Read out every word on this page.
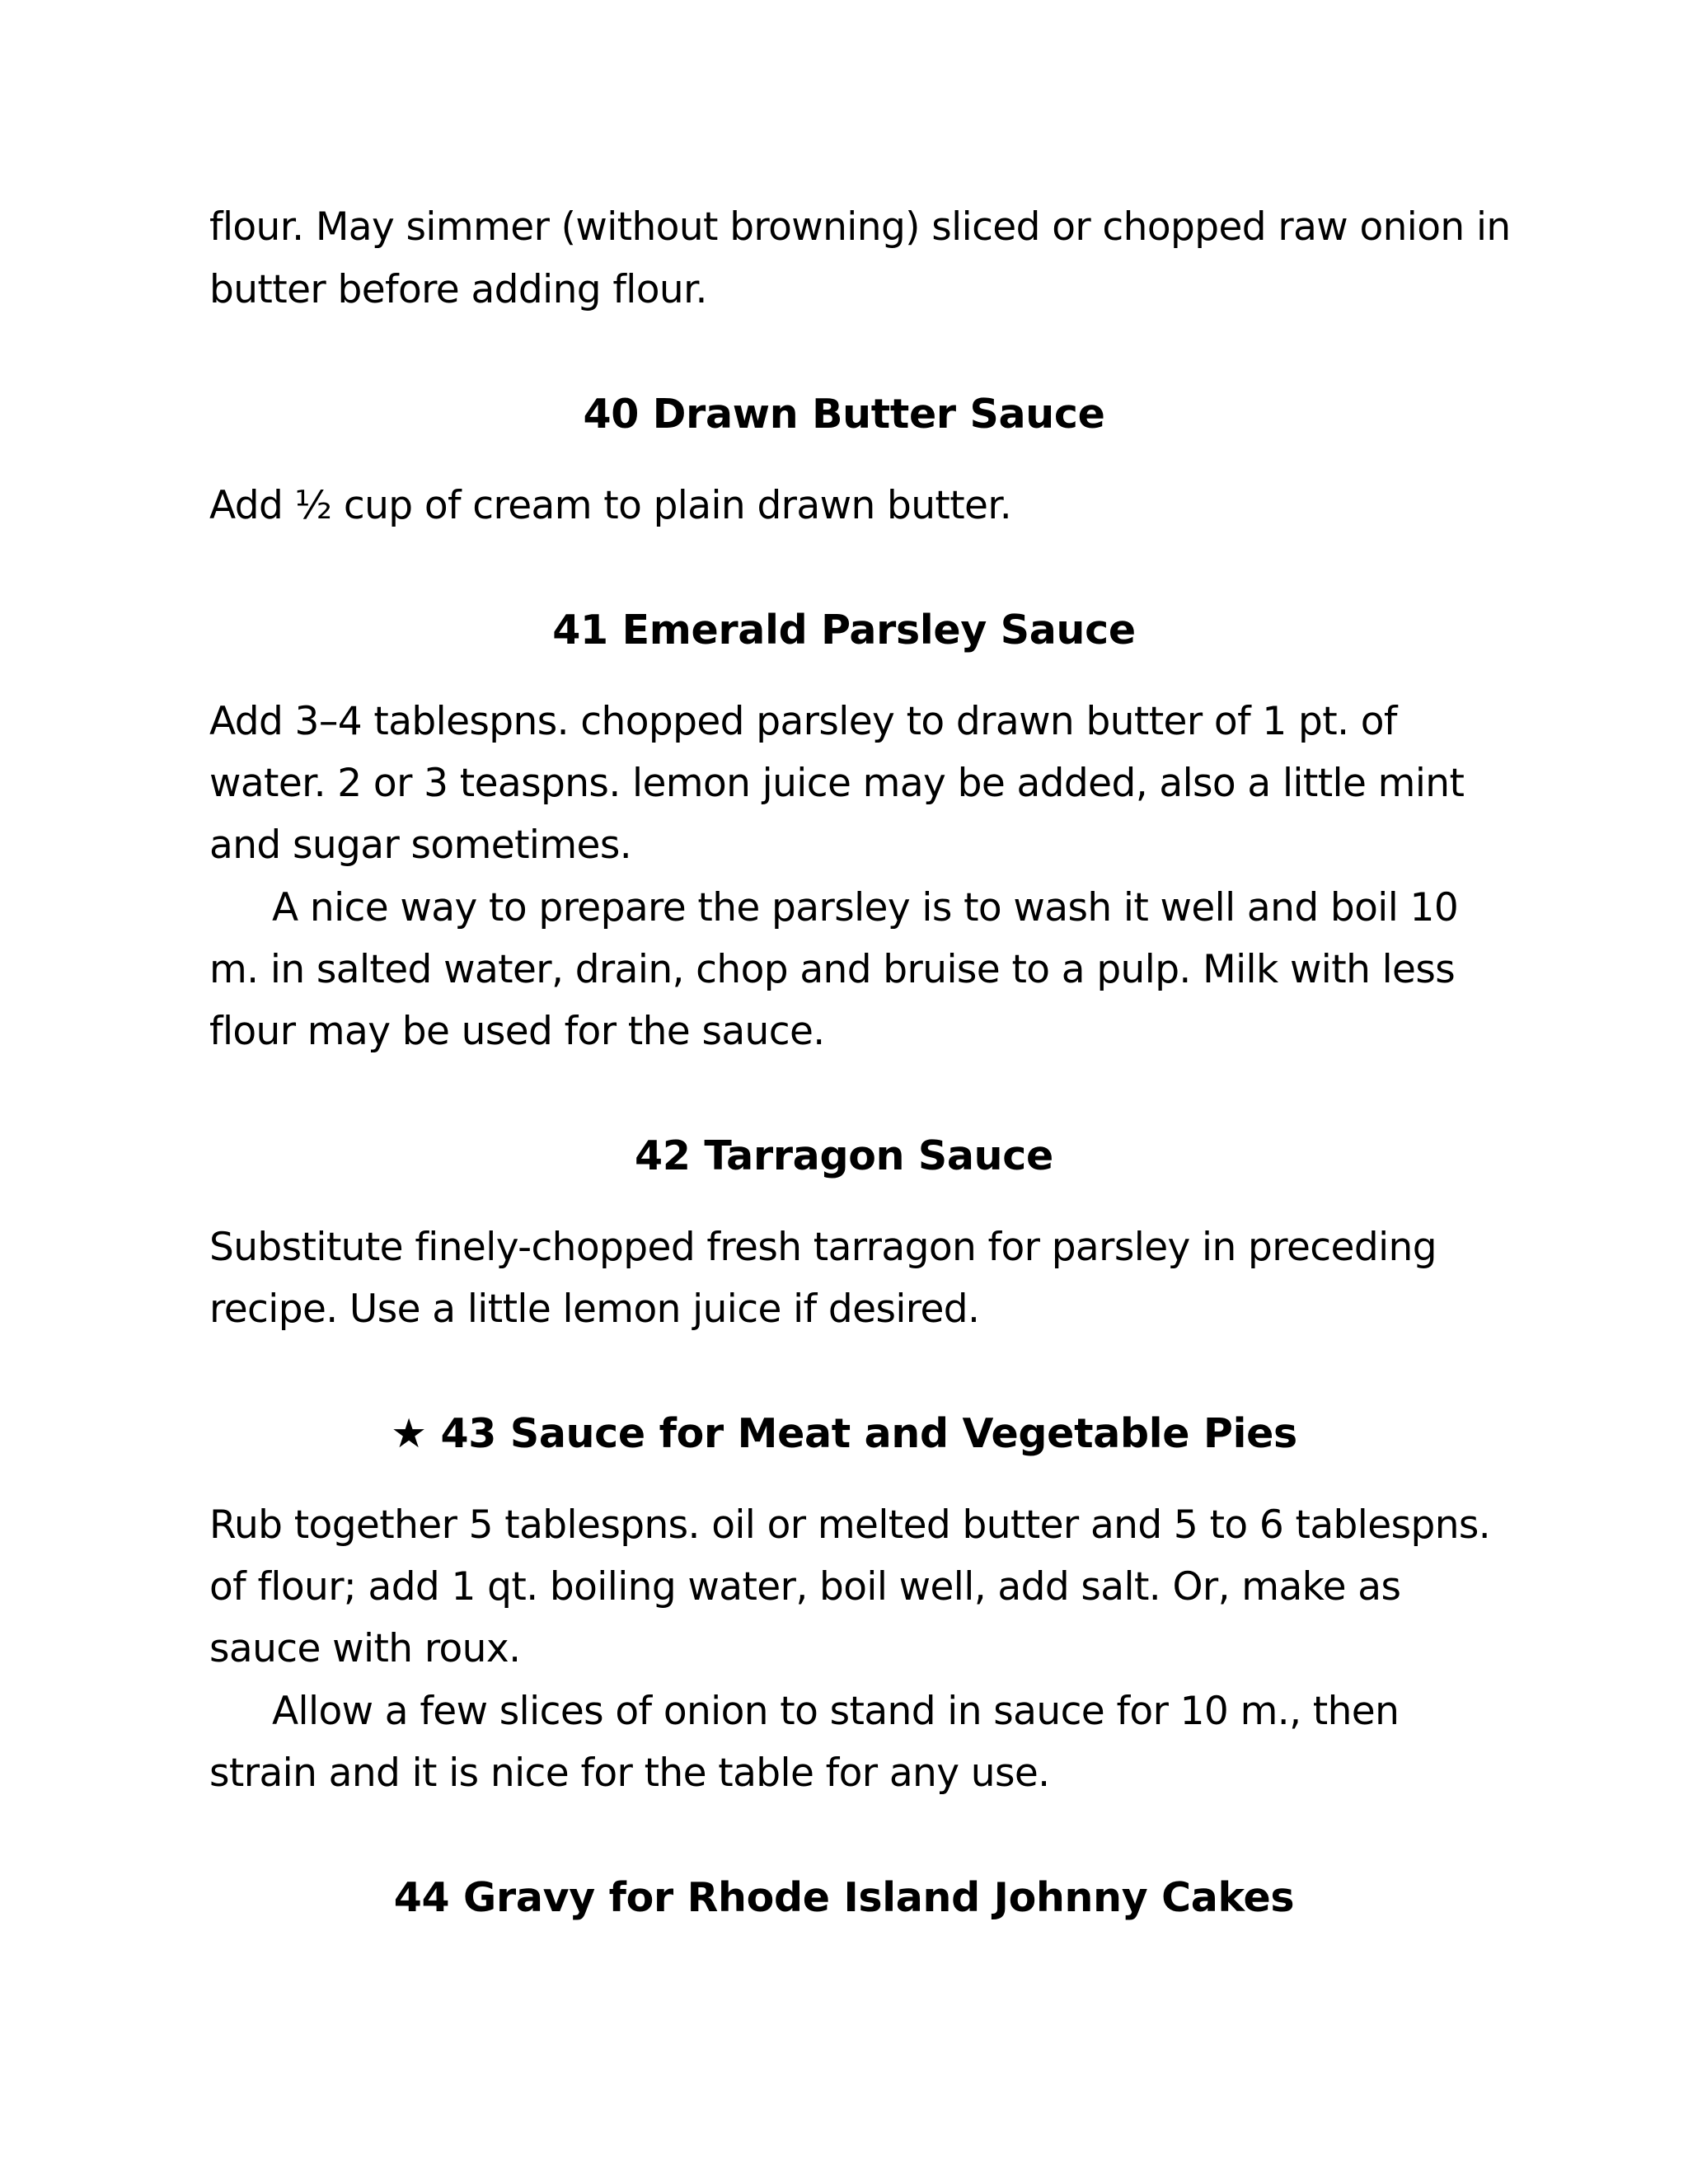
flour. May simmer (without browning) sliced or chopped raw onion in
butter before adding flour.
40 Drawn Butter Sauce
Add ½ cup of cream to plain drawn butter.
41 Emerald Parsley Sauce
Add 3–4 tablespns. chopped parsley to drawn butter of 1 pt. of
water. 2 or 3 teaspns. lemon juice may be added, also a little mint
and sugar sometimes.
A nice way to prepare the parsley is to wash it well and boil 10
m. in salted water, drain, chop and bruise to a pulp. Milk with less
flour may be used for the sauce.
42 Tarragon Sauce
Substitute finely-chopped fresh tarragon for parsley in preceding
recipe. Use a little lemon juice if desired.
★ 43 Sauce for Meat and Vegetable Pies
Rub together 5 tablespns. oil or melted butter and 5 to 6 tablespns.
of flour; add 1 qt. boiling water, boil well, add salt. Or, make as
sauce with roux.
Allow a few slices of onion to stand in sauce for 10 m., then
strain and it is nice for the table for any use.
44 Gravy for Rhode Island Johnny Cakes
